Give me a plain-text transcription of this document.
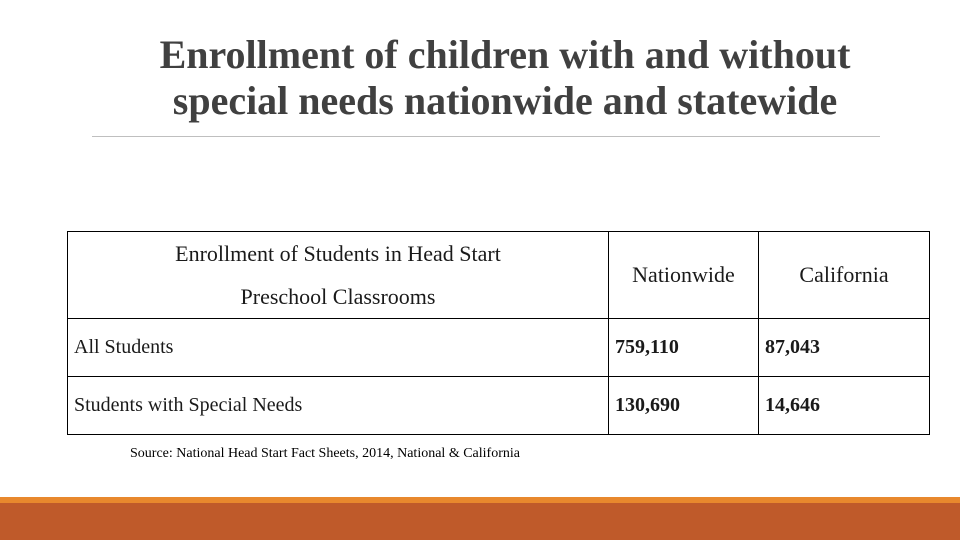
Enrollment of children with and without
special needs nationwide and statewide
Enrollment of Students in Head Start
Preschool Classrooms	Nationwide	California
All Students	759,110	87,043
Students with Special Needs	130,690	14,646
Source: National Head Start Fact Sheets, 2014, National & California
